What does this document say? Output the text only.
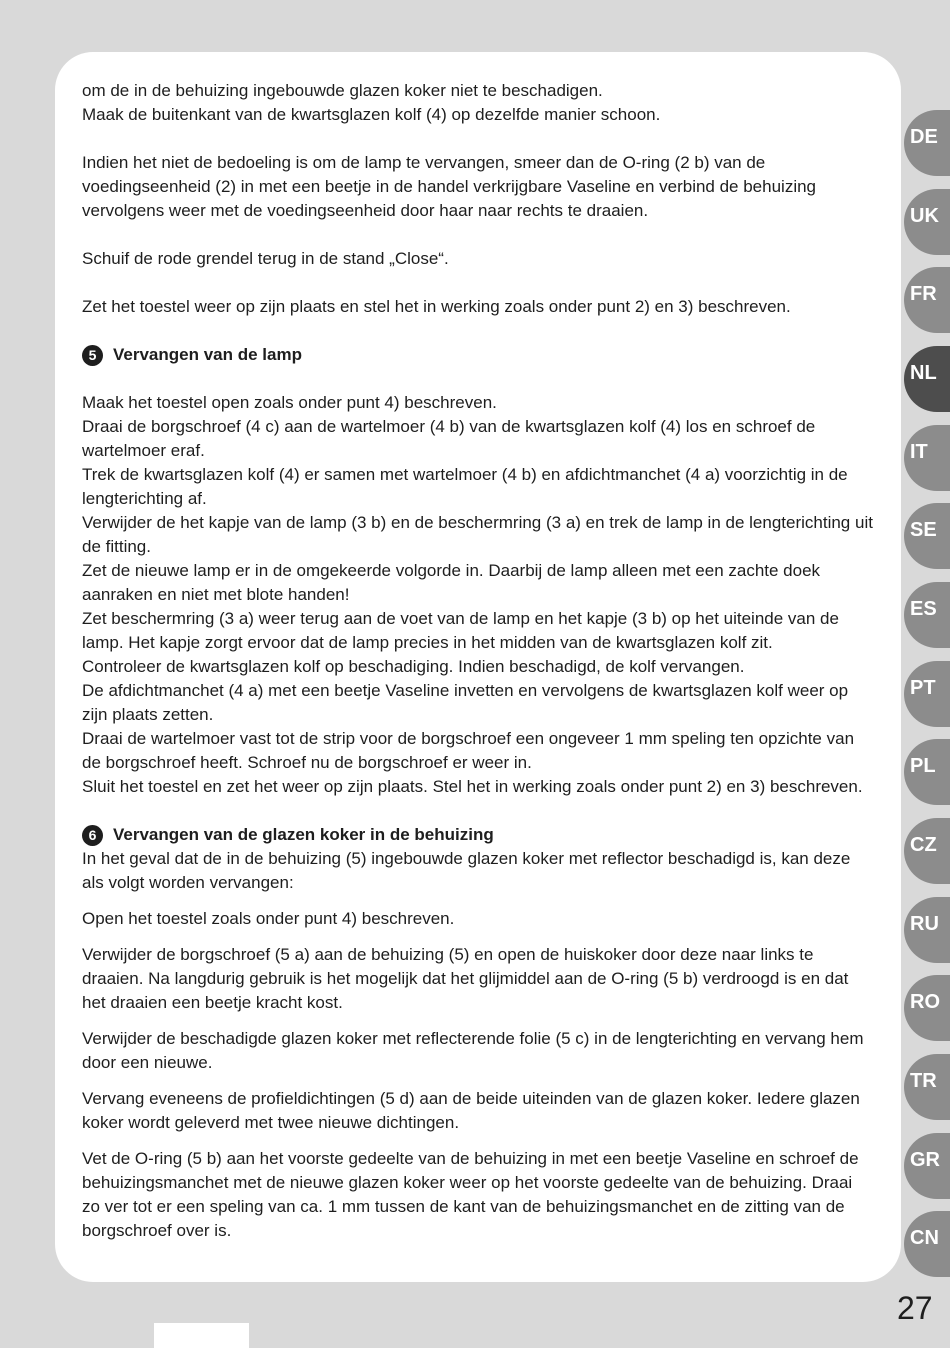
om de in de behuizing ingebouwde glazen koker niet te beschadigen.

Maak de buitenkant van de kwartsglazen kolf (4) op dezelfde manier schoon.

Indien het niet de bedoeling is om de lamp te vervangen, smeer dan de O-ring (2 b) van de voedingseenheid (2) in met een beetje in de handel verkrijgbare Vaseline en verbind de behuizing vervolgens weer met de voedingseenheid door haar naar rechts te draaien.

Schuif de rode grendel terug in de stand „Close“.

Zet het toestel weer op zijn plaats en stel het in werking zoals onder punt 2) en 3) beschreven.

5 Vervangen van de lamp

Maak het toestel open zoals onder punt 4) beschreven.

Draai de borgschroef (4 c) aan de wartelmoer (4 b) van de kwartsglazen kolf (4) los en schroef de wartelmoer eraf.

Trek de kwartsglazen kolf (4) er samen met wartelmoer (4 b) en afdichtmanchet (4 a) voorzichtig in de lengterichting af.

Verwijder de het kapje van de lamp (3 b) en de beschermring (3 a) en trek de lamp in de lengterichting uit de fitting.

Zet de nieuwe lamp er in de omgekeerde volgorde in. Daarbij de lamp alleen met een zachte doek aanraken en niet met blote handen!

Zet beschermring (3 a) weer terug aan de voet van de lamp en het kapje (3 b) op het uiteinde van de lamp. Het kapje zorgt ervoor dat de lamp precies in het midden van de kwartsglazen kolf zit.

Controleer de kwartsglazen kolf op beschadiging. Indien beschadigd, de kolf vervangen.

De afdichtmanchet (4 a) met een beetje Vaseline invetten en vervolgens de kwartsglazen kolf weer op zijn plaats zetten.

Draai de wartelmoer vast tot de strip voor de borgschroef een ongeveer 1 mm speling ten opzichte van de borgschroef heeft. Schroef nu de borgschroef er weer in.

Sluit het toestel en zet het weer op zijn plaats. Stel het in werking zoals onder punt 2) en 3) beschreven.

6 Vervangen van de glazen koker in de behuizing

In het geval dat de in de behuizing (5) ingebouwde glazen koker met reflector beschadigd is, kan deze als volgt worden vervangen:

Open het toestel zoals onder punt 4) beschreven.

Verwijder de borgschroef (5 a) aan de behuizing (5) en open de huiskoker door deze naar links te draaien. Na langdurig gebruik is het mogelijk dat het glijmiddel aan de O-ring (5 b) verdroogd is en dat het draaien een beetje kracht kost.

Verwijder de beschadigde glazen koker met reflecterende folie (5 c) in de lengterichting en vervang hem door een nieuwe.

Vervang eveneens de profieldichtingen (5 d) aan de beide uiteinden van de glazen koker. Iedere glazen koker wordt geleverd met twee nieuwe dichtingen.

Vet de O-ring (5 b) aan het voorste gedeelte van de behuizing in met een beetje Vaseline en schroef de behuizingsmanchet met de nieuwe glazen koker weer op het voorste gedeelte van de behuizing. Draai zo ver tot er een speling van ca. 1 mm tussen de kant van de behuizingsmanchet en de zitting van de borgschroef over is.

DE
UK
FR
NL
IT
SE
ES
PT
PL
CZ
RU
RO
TR
GR
CN
27
